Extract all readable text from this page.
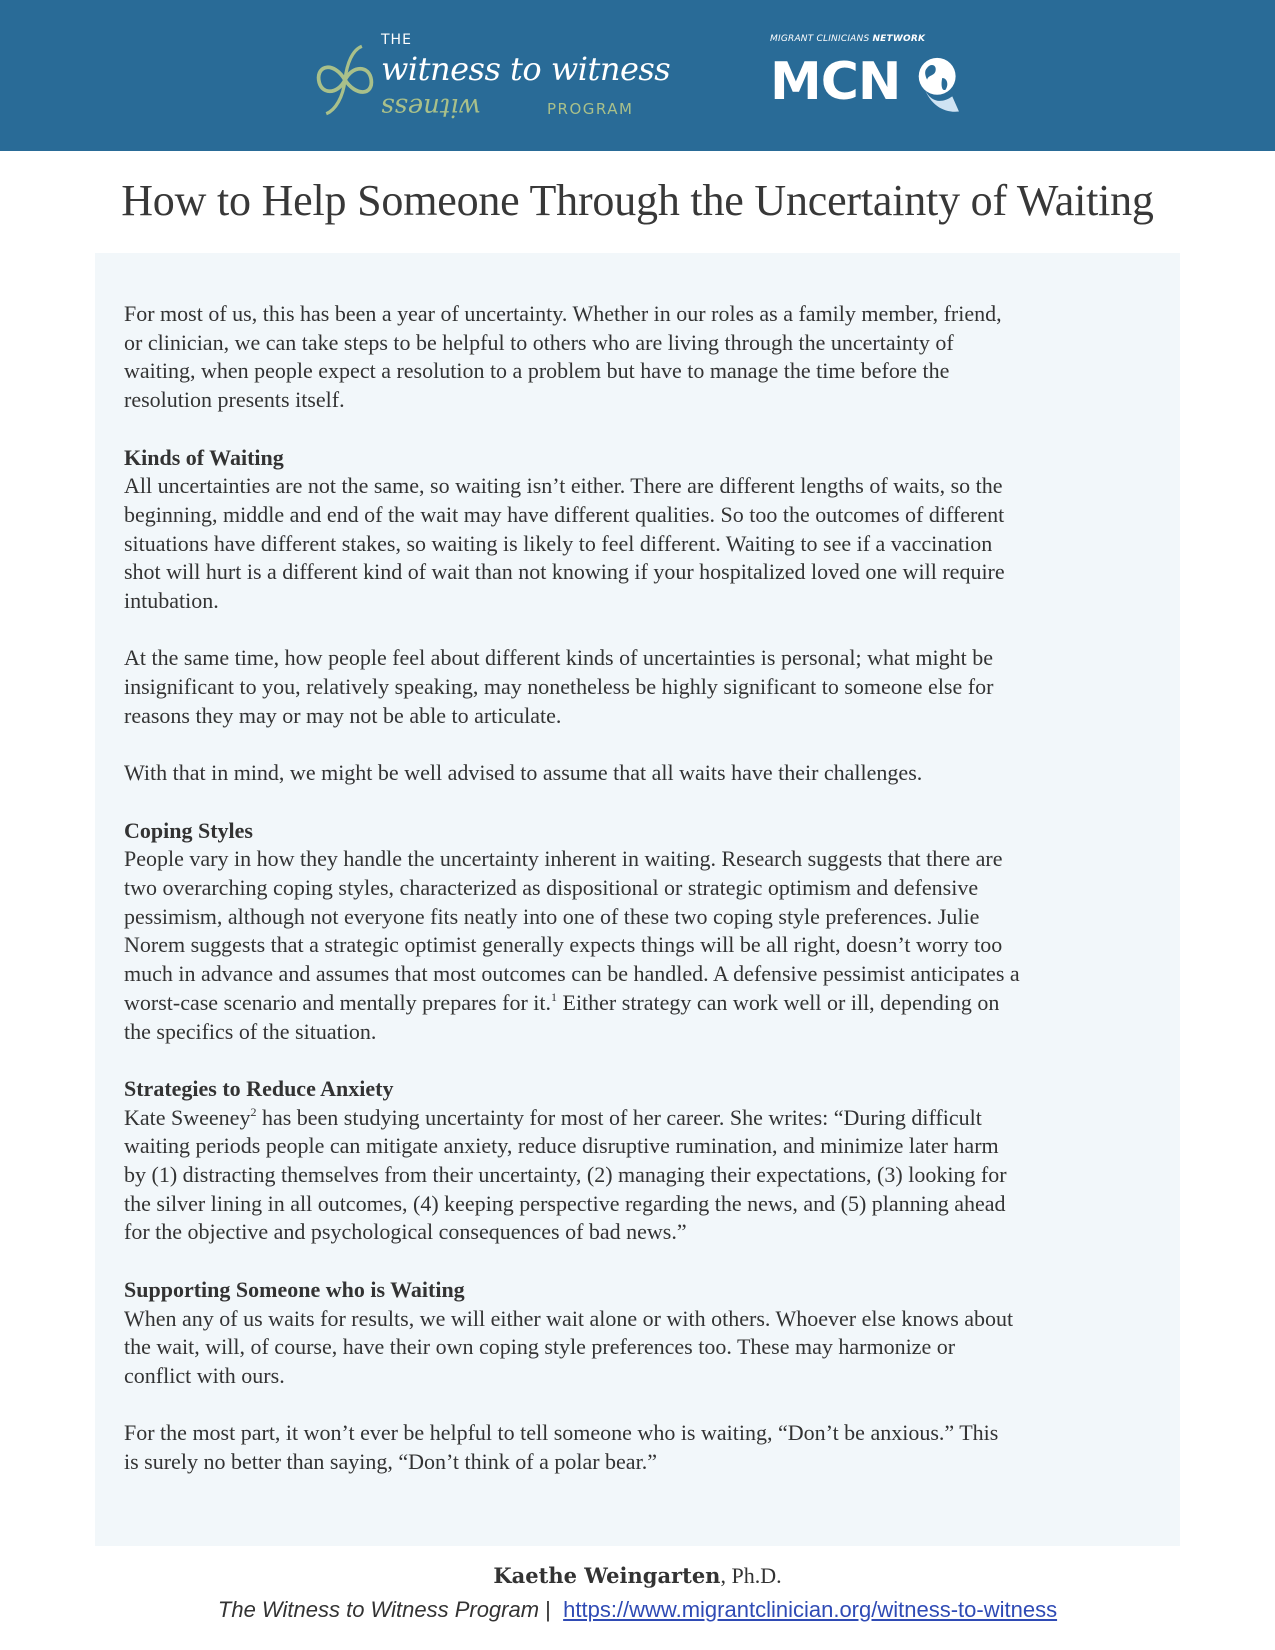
THE
witness to witness
witness	PROGRAM
MIGRANT CLINICIANS NETWORK
MCN
How to Help Someone Through the Uncertainty of Waiting

For most of us, this has been a year of uncertainty. Whether in our roles as a family member, friend,

or clinician, we can take steps to be helpful to others who are living through the uncertainty of

waiting, when people expect a resolution to a problem but have to manage the time before the

resolution presents itself.

Kinds of Waiting

All uncertainties are not the same, so waiting isn’t either. There are different lengths of waits, so the

beginning, middle and end of the wait may have different qualities. So too the outcomes of different

situations have different stakes, so waiting is likely to feel different. Waiting to see if a vaccination

shot will hurt is a different kind of wait than not knowing if your hospitalized loved one will require

intubation.

At the same time, how people feel about different kinds of uncertainties is personal; what might be

insignificant to you, relatively speaking, may nonetheless be highly significant to someone else for

reasons they may or may not be able to articulate.

With that in mind, we might be well advised to assume that all waits have their challenges.

Coping Styles

People vary in how they handle the uncertainty inherent in waiting. Research suggests that there are

two overarching coping styles, characterized as dispositional or strategic optimism and defensive

pessimism, although not everyone fits neatly into one of these two coping style preferences. Julie

Norem suggests that a strategic optimist generally expects things will be all right, doesn’t worry too

much in advance and assumes that most outcomes can be handled. A defensive pessimist anticipates a

worst-case scenario and mentally prepares for it.$^1$ Either strategy can work well or ill, depending on

the specifics of the situation.

Strategies to Reduce Anxiety

Kate Sweeney$^2$ has been studying uncertainty for most of her career. She writes: “During difficult

waiting periods people can mitigate anxiety, reduce disruptive rumination, and minimize later harm

by (1) distracting themselves from their uncertainty, (2) managing their expectations, (3) looking for

the silver lining in all outcomes, (4) keeping perspective regarding the news, and (5) planning ahead

for the objective and psychological consequences of bad news.”

Supporting Someone who is Waiting

When any of us waits for results, we will either wait alone or with others. Whoever else knows about

the wait, will, of course, have their own coping style preferences too. These may harmonize or

conflict with ours.

For the most part, it won’t ever be helpful to tell someone who is waiting, “Don’t be anxious.” This

is surely no better than saying, “Don’t think of a polar bear.”

Kaethe Weingarten, Ph.D.
The Witness to Witness Program |  https://www.migrantclinician.org/witness-to-witness
